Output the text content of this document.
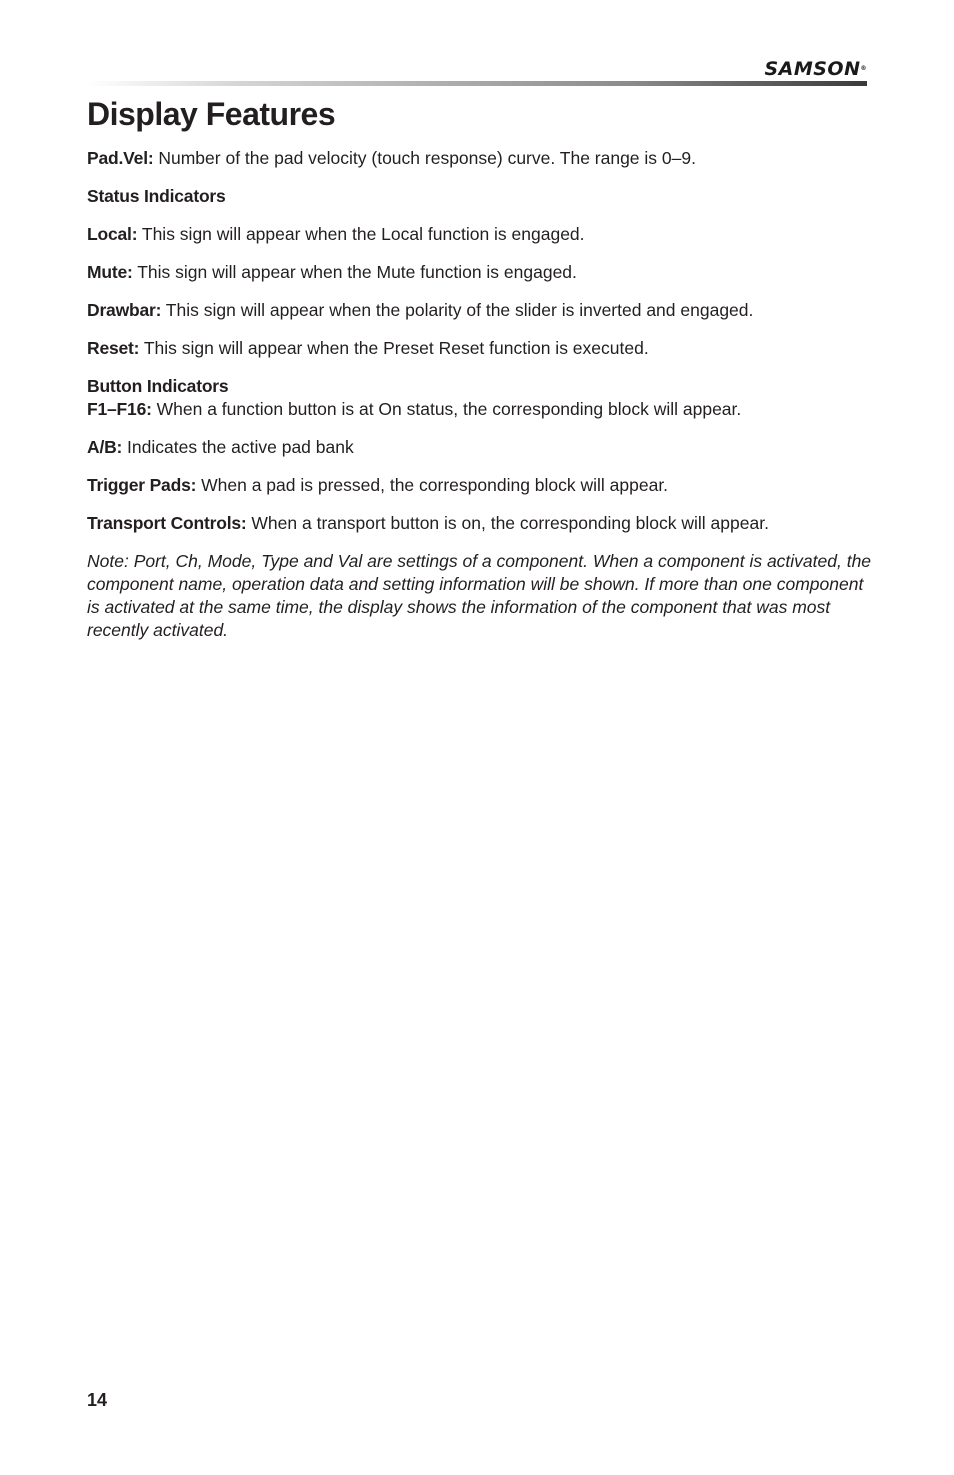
SAMSON®
Display Features

Pad.Vel: Number of the pad velocity (touch response) curve. The range is 0–9.

Status Indicators

Local: This sign will appear when the Local function is engaged.

Mute: This sign will appear when the Mute function is engaged.

Drawbar: This sign will appear when the polarity of the slider is inverted and engaged.

Reset: This sign will appear when the Preset Reset function is executed.

Button Indicators

F1–F16: When a function button is at On status, the corresponding block will appear.

A/B: Indicates the active pad bank

Trigger Pads: When a pad is pressed, the corresponding block will appear.

Transport Controls: When a transport button is on, the corresponding block will appear.

Note: Port, Ch, Mode, Type and Val are settings of a component. When a component is activated, the component name, operation data and setting information will be shown. If more than one component is activated at the same time, the display shows the information of the component that was most recently activated.

14
